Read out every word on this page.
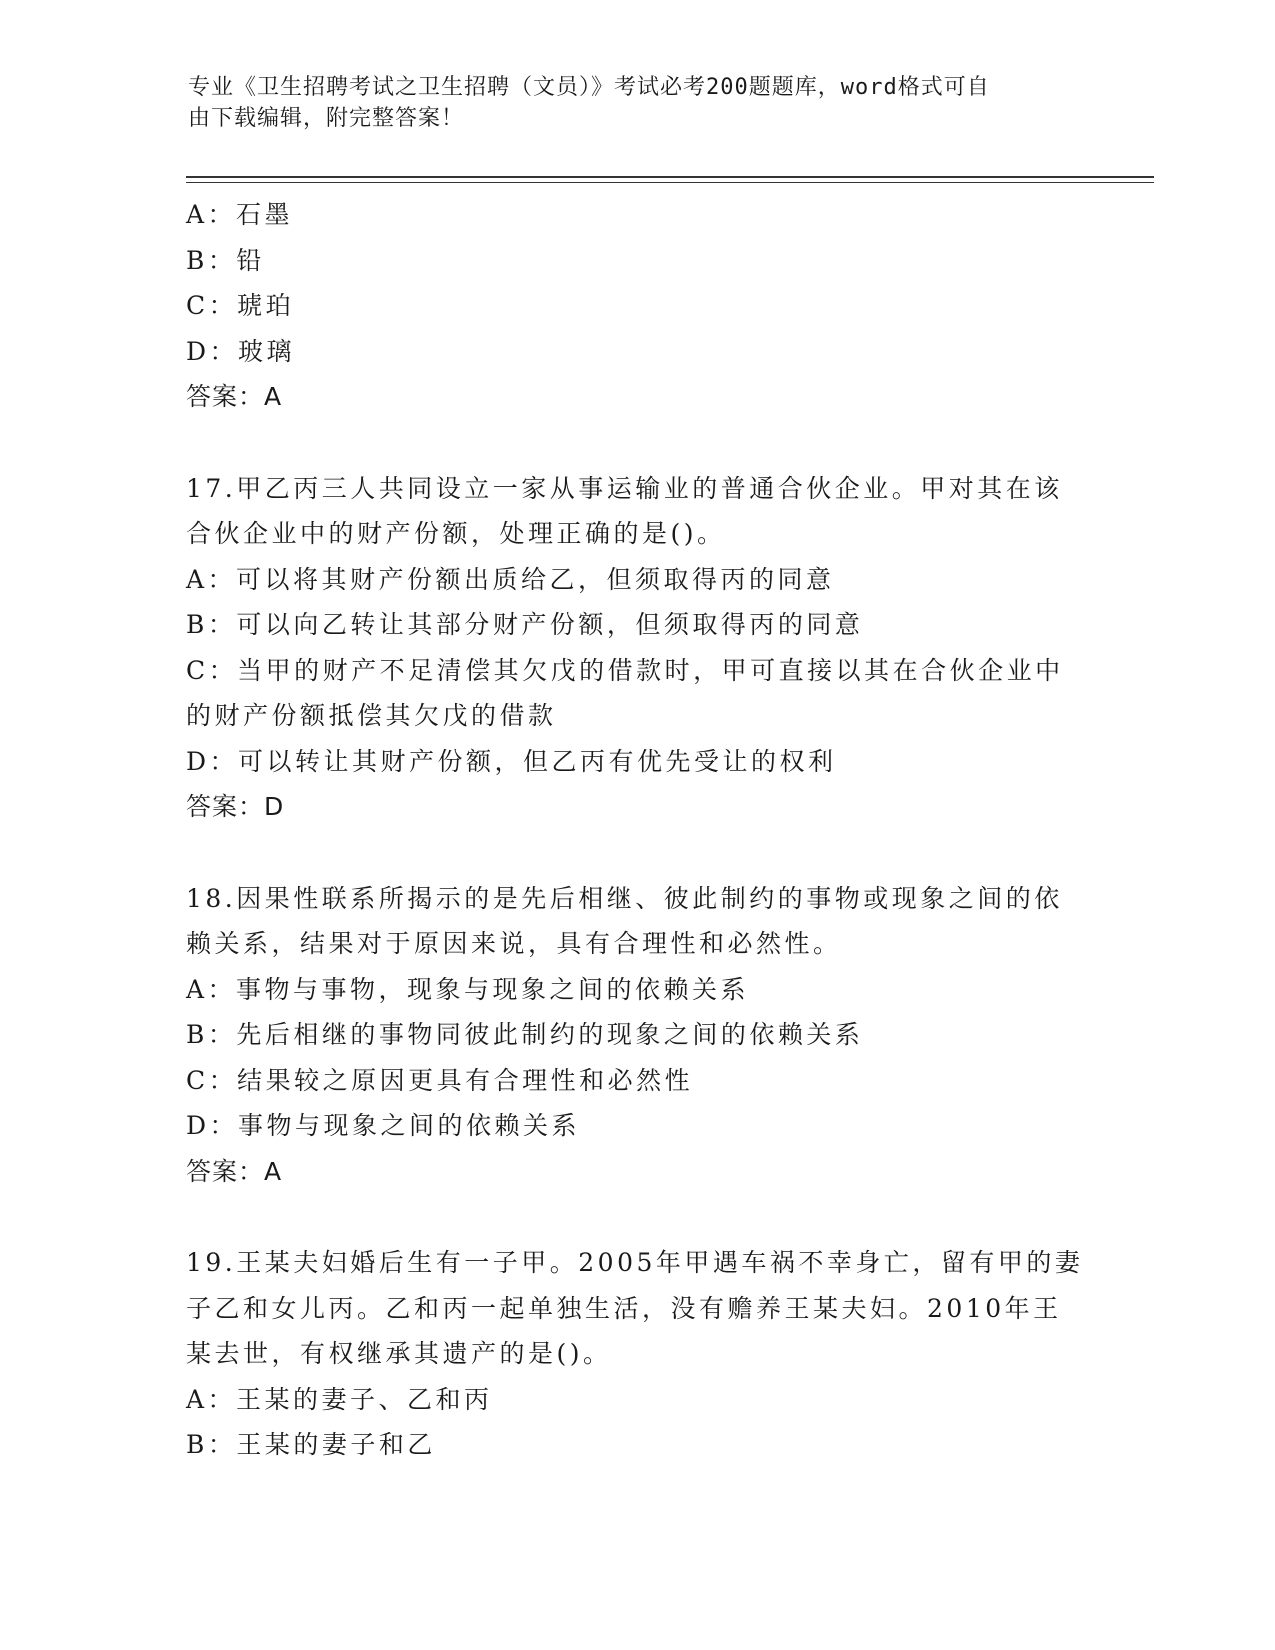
专业《卫生招聘考试之卫生招聘（文员）》考试必考200题题库，word格式可自
由下载编辑，附完整答案！
A：石墨
B：铅
C：琥珀
D：玻璃
答案：A
17.甲乙丙三人共同设立一家从事运输业的普通合伙企业。甲对其在该
合伙企业中的财产份额，处理正确的是()。
A：可以将其财产份额出质给乙，但须取得丙的同意
B：可以向乙转让其部分财产份额，但须取得丙的同意
C：当甲的财产不足清偿其欠戊的借款时，甲可直接以其在合伙企业中
的财产份额抵偿其欠戊的借款
D：可以转让其财产份额，但乙丙有优先受让的权利
答案：D
18.因果性联系所揭示的是先后相继、彼此制约的事物或现象之间的依
赖关系，结果对于原因来说，具有合理性和必然性。
A：事物与事物，现象与现象之间的依赖关系
B：先后相继的事物同彼此制约的现象之间的依赖关系
C：结果较之原因更具有合理性和必然性
D：事物与现象之间的依赖关系
答案：A
19.王某夫妇婚后生有一子甲。2005年甲遇车祸不幸身亡，留有甲的妻
子乙和女儿丙。乙和丙一起单独生活，没有赡养王某夫妇。2010年王
某去世，有权继承其遗产的是()。
A：王某的妻子、乙和丙
B：王某的妻子和乙
